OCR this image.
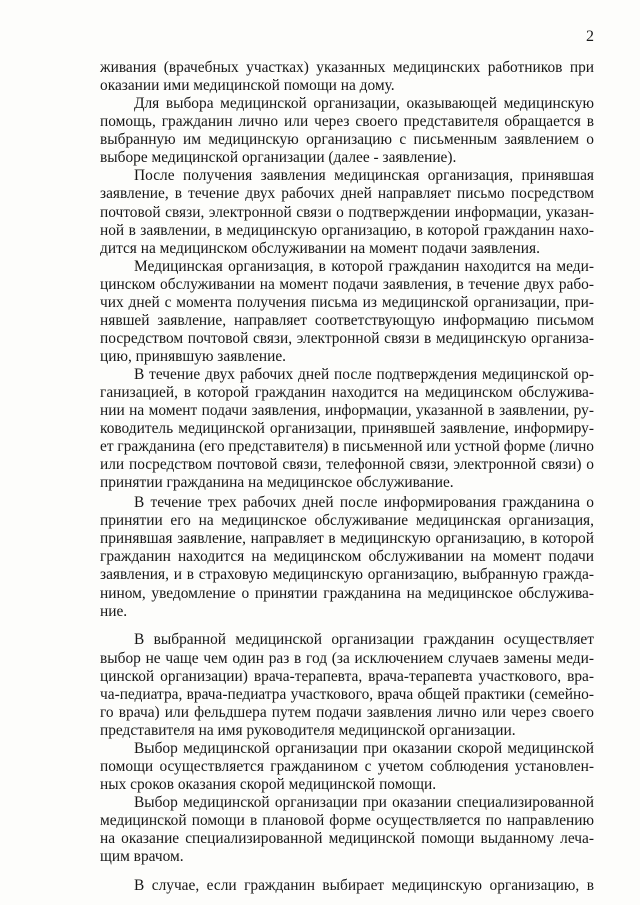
2
живания (врачебных участках) указанных медицинских работников при
оказании ими медицинской помощи на дому.
Для выбора медицинской организации, оказывающей медицинскую
помощь, гражданин лично или через своего представителя обращается в
выбранную им медицинскую организацию с письменным заявлением о
выборе медицинской организации (далее - заявление).
После получения заявления медицинская организация, принявшая
заявление, в течение двух рабочих дней направляет письмо посредством
почтовой связи, электронной связи о подтверждении информации, указан-
ной в заявлении, в медицинскую организацию, в которой гражданин нахо-
дится на медицинском обслуживании на момент подачи заявления.
Медицинская организация, в которой гражданин находится на меди-
цинском обслуживании на момент подачи заявления, в течение двух рабо-
чих дней с момента получения письма из медицинской организации, при-
нявшей заявление, направляет соответствующую информацию письмом
посредством почтовой связи, электронной связи в медицинскую организа-
цию, принявшую заявление.
В течение двух рабочих дней после подтверждения медицинской ор-
ганизацией, в которой гражданин находится на медицинском обслужива-
нии на момент подачи заявления, информации, указанной в заявлении, ру-
ководитель медицинской организации, принявшей заявление, информиру-
ет гражданина (его представителя) в письменной или устной форме (лично
или посредством почтовой связи, телефонной связи, электронной связи) о
принятии гражданина на медицинское обслуживание.
В течение трех рабочих дней после информирования гражданина о
принятии его на медицинское обслуживание медицинская организация,
принявшая заявление, направляет в медицинскую организацию, в которой
гражданин находится на медицинском обслуживании на момент подачи
заявления, и в страховую медицинскую организацию, выбранную гражда-
нином, уведомление о принятии гражданина на медицинское обслужива-
ние.
В выбранной медицинской организации гражданин осуществляет
выбор не чаще чем один раз в год (за исключением случаев замены меди-
цинской организации) врача-терапевта, врача-терапевта участкового, вра-
ча-педиатра, врача-педиатра участкового, врача общей практики (семейно-
го врача) или фельдшера путем подачи заявления лично или через своего
представителя на имя руководителя медицинской организации.
Выбор медицинской организации при оказании скорой медицинской
помощи осуществляется гражданином с учетом соблюдения установлен-
ных сроков оказания скорой медицинской помощи.
Выбор медицинской организации при оказании специализированной
медицинской помощи в плановой форме осуществляется по направлению
на оказание специализированной медицинской помощи выданному леча-
щим врачом.
В случае, если гражданин выбирает медицинскую организацию, в
